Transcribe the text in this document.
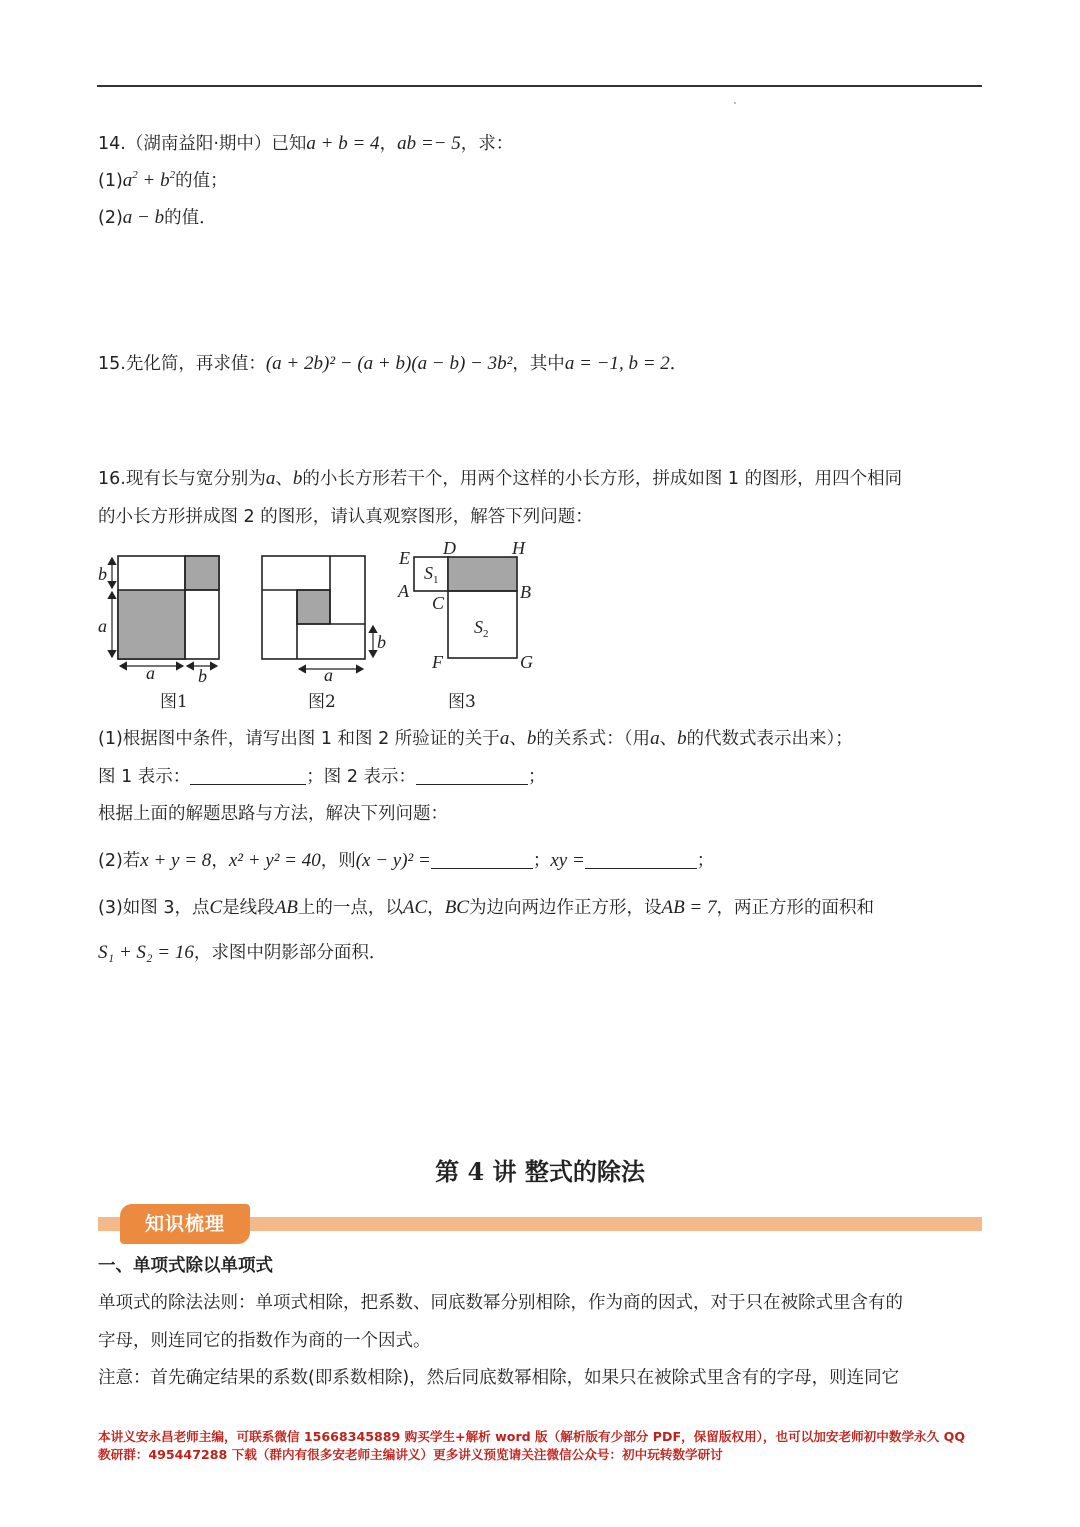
14.（湖南益阳·期中）已知a + b = 4，ab =− 5，求：
$(1)a^2 + b^2$的值；
(2)a − b的值．
15.先化简，再求值：(a + 2b)² − (a + b)(a − b) − 3b²，其中a = −1, b = 2．
16.现有长与宽分别为a、b的小长方形若干个，用两个这样的小长方形，拼成如图 1 的图形，用四个相同
的小长方形拼成图 2 的图形，请认真观察图形，解答下列问题：
b
a
a b
b
a
E D	H
A
C
B
F	G
$S_1$
$S_2$
图1	图2	图3
(1)根据图中条件，请写出图 1 和图 2 所验证的关于a、b的关系式：（用a、b的代数式表示出来）；
图 1 表示：	；图 2 表示：	；
根据上面的解题思路与方法，解决下列问题：
(2)若x + y = 8，x² + y² = 40，则(x − y)² =	；xy =	；
(3)如图 3，点C是线段AB上的一点，以AC，BC为边向两边作正方形，设AB = 7，两正方形的面积和
S₁ + S₂ = 16，求图中阴影部分面积．
第 4 讲 整式的除法
知识梳理
一、单项式除以单项式
单项式的除法法则：单项式相除，把系数、同底数幂分别相除，作为商的因式，对于只在被除式里含有的
字母，则连同它的指数作为商的一个因式。
注意：首先确定结果的系数(即系数相除)，然后同底数幂相除，如果只在被除式里含有的字母，则连同它
本讲义安永昌老师主编，可联系微信 15668345889 购买学生+解析 word 版（解析版有少部分 PDF，保留版权用），也可以加安老师初中数学永久 QQ
教研群：495447288 下载（群内有很多安老师主编讲义）更多讲义预览请关注微信公众号：初中玩转数学研讨
